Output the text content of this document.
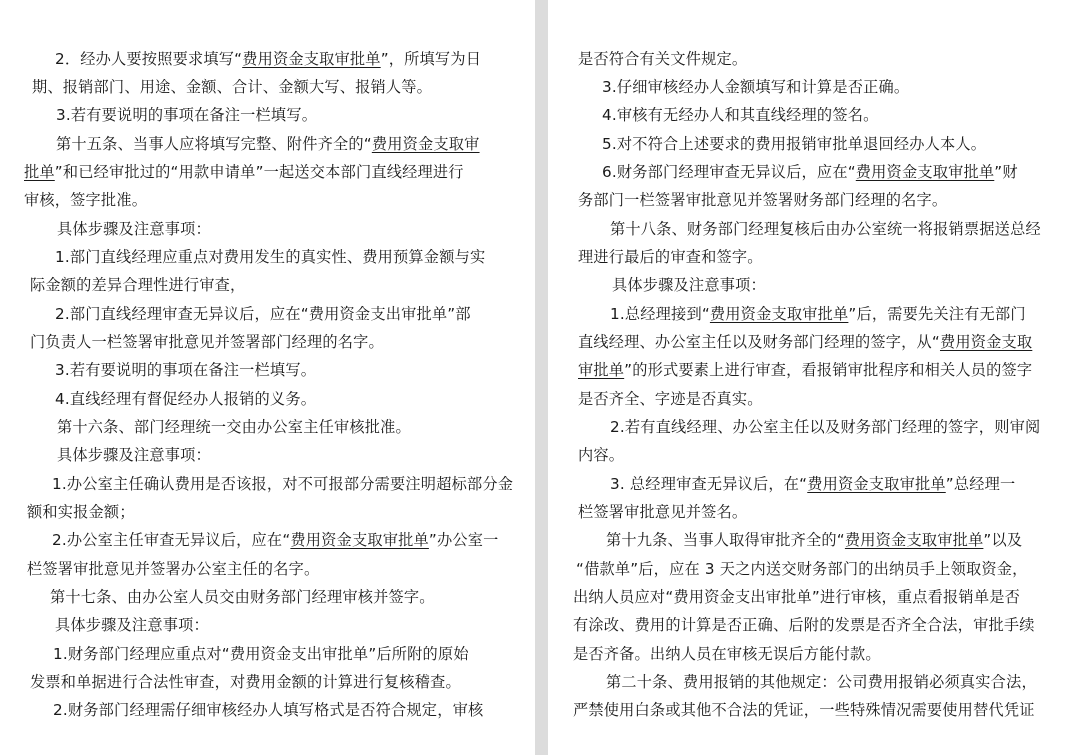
2．经办人要按照要求填写“费用资金支取审批单”，所填写为日
期、报销部门、用途、金额、合计、金额大写、报销人等。
3.若有要说明的事项在备注一栏填写。
第十五条、当事人应将填写完整、附件齐全的“费用资金支取审
批单”和已经审批过的“用款申请单”一起送交本部门直线经理进行
审核，签字批准。
具体步骤及注意事项：
1.部门直线经理应重点对费用发生的真实性、费用预算金额与实
际金额的差异合理性进行审查，
2.部门直线经理审查无异议后，应在“费用资金支出审批单”部
门负责人一栏签署审批意见并签署部门经理的名字。
3.若有要说明的事项在备注一栏填写。
4.直线经理有督促经办人报销的义务。
第十六条、部门经理统一交由办公室主任审核批准。
具体步骤及注意事项：
1.办公室主任确认费用是否该报，对不可报部分需要注明超标部分金
额和实报金额；
2.办公室主任审查无异议后，应在“费用资金支取审批单”办公室一
栏签署审批意见并签署办公室主任的名字。
第十七条、由办公室人员交由财务部门经理审核并签字。
具体步骤及注意事项：
1.财务部门经理应重点对“费用资金支出审批单”后所附的原始
发票和单据进行合法性审查，对费用金额的计算进行复核稽查。
2.财务部门经理需仔细审核经办人填写格式是否符合规定，审核
是否符合有关文件规定。
3.仔细审核经办人金额填写和计算是否正确。
4.审核有无经办人和其直线经理的签名。
5.对不符合上述要求的费用报销审批单退回经办人本人。
6.财务部门经理审查无异议后，应在“费用资金支取审批单”财
务部门一栏签署审批意见并签署财务部门经理的名字。
第十八条、财务部门经理复核后由办公室统一将报销票据送总经
理进行最后的审查和签字。
具体步骤及注意事项：
1.总经理接到“费用资金支取审批单”后，需要先关注有无部门
直线经理、办公室主任以及财务部门经理的签字，从“费用资金支取
审批单”的形式要素上进行审查，看报销审批程序和相关人员的签字
是否齐全、字迹是否真实。
2.若有直线经理、办公室主任以及财务部门经理的签字，则审阅
内容。
3. 总经理审查无异议后，在“费用资金支取审批单”总经理一
栏签署审批意见并签名。
第十九条、当事人取得审批齐全的“费用资金支取审批单”以及
“借款单”后，应在 3 天之内送交财务部门的出纳员手上领取资金，
出纳人员应对“费用资金支出审批单”进行审核，重点看报销单是否
有涂改、费用的计算是否正确、后附的发票是否齐全合法，审批手续
是否齐备。出纳人员在审核无误后方能付款。
第二十条、费用报销的其他规定：公司费用报销必须真实合法，
严禁使用白条或其他不合法的凭证，一些特殊情况需要使用替代凭证
